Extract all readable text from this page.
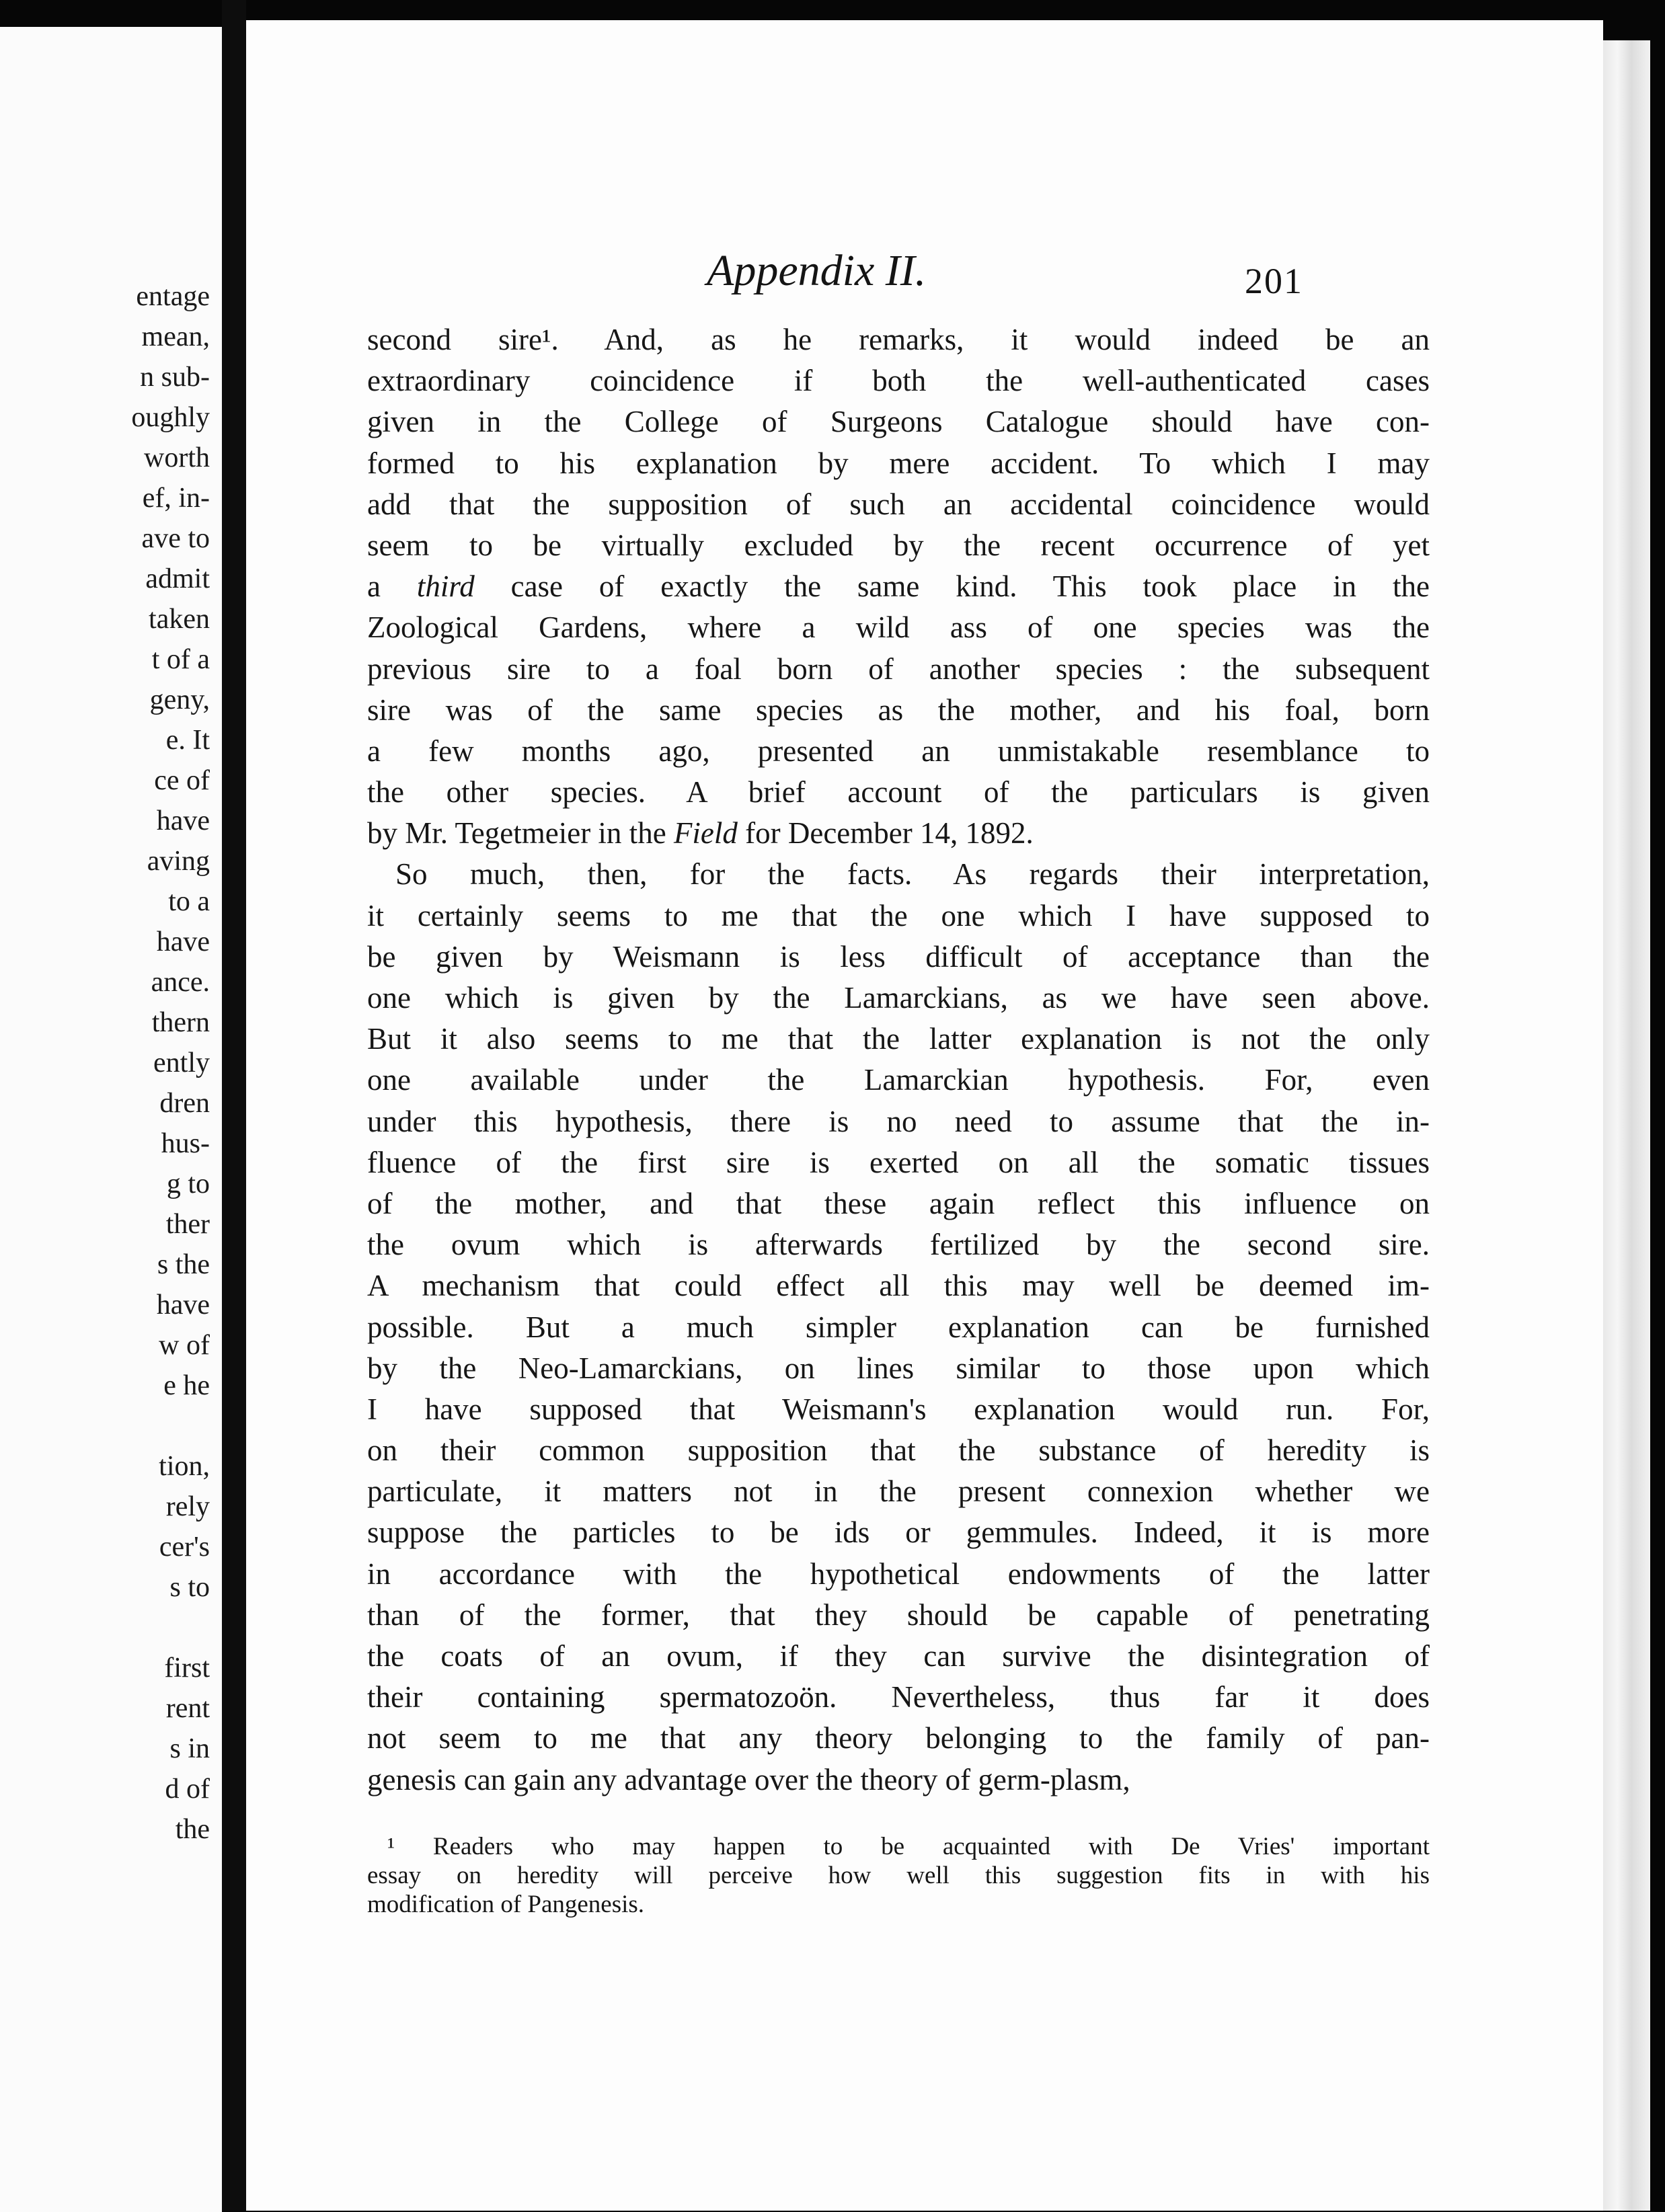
entage
mean,
n sub-
oughly
worth
ef, in-
ave to
admit
taken
t of a
geny,
e. It
ce of
have
aving
to a
have
ance.
thern
ently
dren
hus-
g to
ther
s the
have
w of
e he
tion,
rely
cer's
s to
first
rent
s in
d of
the
Appendix II.	201
second sire¹. And, as he remarks, it would indeed be an
extraordinary coincidence if both the well-authenticated cases
given in the College of Surgeons Catalogue should have con-
formed to his explanation by mere accident. To which I may
add that the supposition of such an accidental coincidence would
seem to be virtually excluded by the recent occurrence of yet
a third case of exactly the same kind. This took place in the
Zoological Gardens, where a wild ass of one species was the
previous sire to a foal born of another species : the subsequent
sire was of the same species as the mother, and his foal, born
a few months ago, presented an unmistakable resemblance to
the other species. A brief account of the particulars is given
by Mr. Tegetmeier in the Field for December 14, 1892.
So much, then, for the facts. As regards their interpretation,
it certainly seems to me that the one which I have supposed to
be given by Weismann is less difficult of acceptance than the
one which is given by the Lamarckians, as we have seen above.
But it also seems to me that the latter explanation is not the only
one available under the Lamarckian hypothesis. For, even
under this hypothesis, there is no need to assume that the in-
fluence of the first sire is exerted on all the somatic tissues
of the mother, and that these again reflect this influence on
the ovum which is afterwards fertilized by the second sire.
A mechanism that could effect all this may well be deemed im-
possible. But a much simpler explanation can be furnished
by the Neo-Lamarckians, on lines similar to those upon which
I have supposed that Weismann's explanation would run. For,
on their common supposition that the substance of heredity is
particulate, it matters not in the present connexion whether we
suppose the particles to be ids or gemmules. Indeed, it is more
in accordance with the hypothetical endowments of the latter
than of the former, that they should be capable of penetrating
the coats of an ovum, if they can survive the disintegration of
their containing spermatozoön. Nevertheless, thus far it does
not seem to me that any theory belonging to the family of pan-
genesis can gain any advantage over the theory of germ-plasm,
¹ Readers who may happen to be acquainted with De Vries' important
essay on heredity will perceive how well this suggestion fits in with his
modification of Pangenesis.
